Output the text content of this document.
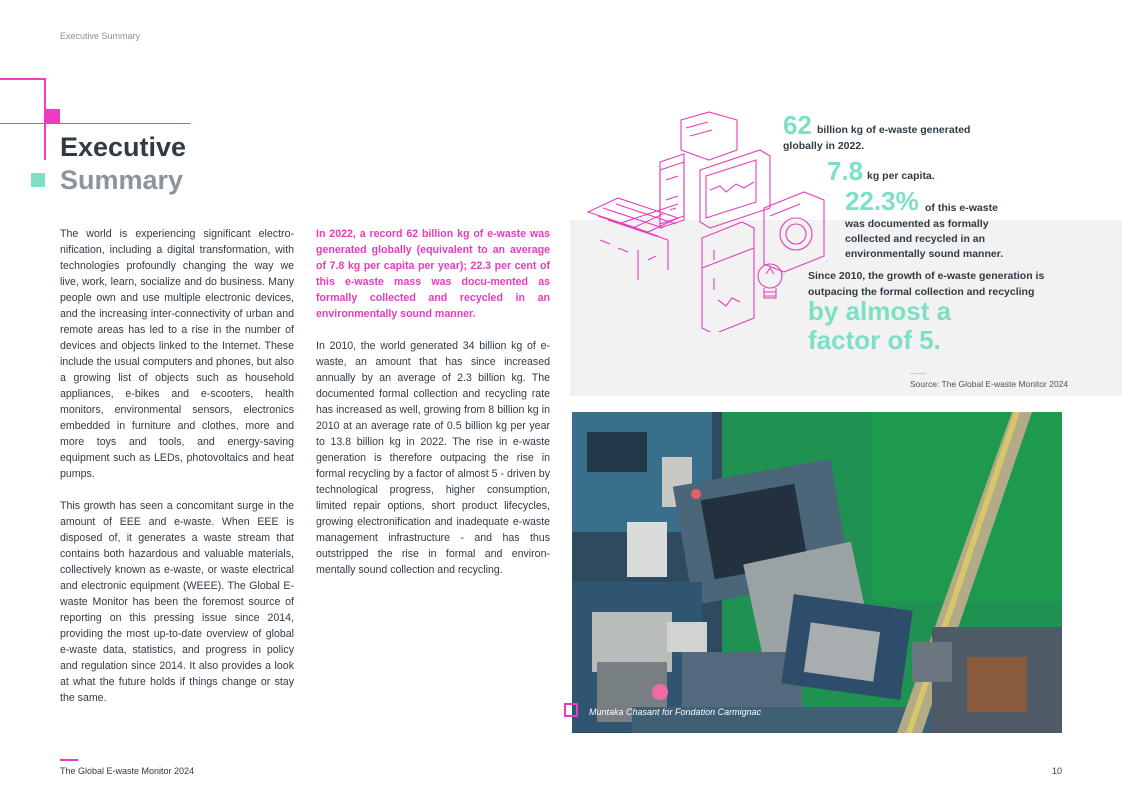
Executive Summary
Executive
Summary

The world is experiencing significant electro-nification, including a digital transformation, with technologies profoundly changing the way we live, work, learn, socialize and do business. Many people own and use multiple electronic devices, and the increasing inter-connectivity of urban and remote areas has led to a rise in the number of devices and objects linked to the Internet. These include the usual computers and phones, but also a growing list of objects such as household appliances, e-bikes and e-scooters, health monitors, environmental sensors, electronics embedded in furniture and clothes, more and more toys and tools, and energy-saving equipment such as LEDs, photovoltaics and heat pumps.

This growth has seen a concomitant surge in the amount of EEE and e-waste. When EEE is disposed of, it generates a waste stream that contains both hazardous and valuable materials, collectively known as e-waste, or waste electrical and electronic equipment (WEEE). The Global E-waste Monitor has been the foremost source of reporting on this pressing issue since 2014, providing the most up-to-date overview of global e-waste data, statistics, and progress in policy and regulation since 2014. It also provides a look at what the future holds if things change or stay the same.

In 2022, a record 62 billion kg of e-waste was generated globally (equivalent to an average of 7.8 kg per capita per year); 22.3 per cent of this e-waste mass was docu-mented as formally collected and recycled in an environmentally sound manner.

In 2010, the world generated 34 billion kg of e-waste, an amount that has since increased annually by an average of 2.3 billion kg. The documented formal collection and recycling rate has increased as well, growing from 8 billion kg in 2010 at an average rate of 0.5 billion kg per year to 13.8 billion kg in 2022. The rise in e-waste generation is therefore outpacing the rise in formal recycling by a factor of almost 5 - driven by technological progress, higher consumption, limited repair options, short product lifecycles, growing electronification and inadequate e-waste management infrastructure - and has thus outstripped the rise in formal and environ-mentally sound collection and recycling.

62 billion kg of e-waste generated
globally in 2022.
7.8 kg per capita.
22.3% of this e-waste
was documented as formally collected and recycled in an environmentally sound manner.
Since 2010, the growth of e-waste generation is outpacing the formal collection and recycling
by almost a
factor of 5.
Source: The Global E-waste Monitor 2024
Muntaka Chasant for Fondation Carmignac
The Global E-waste Monitor 2024	10
